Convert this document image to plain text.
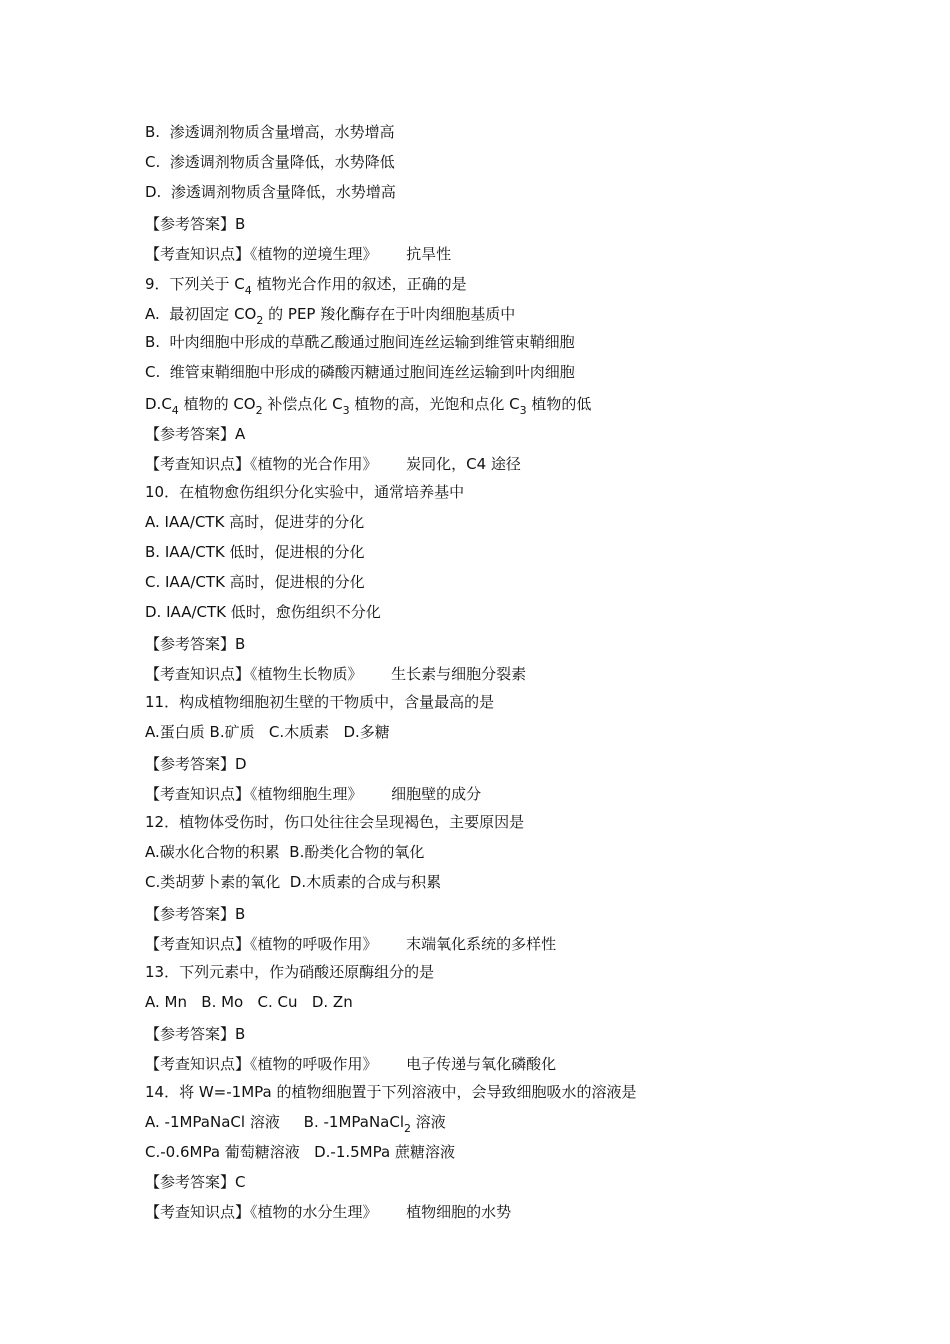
B.  渗透调剂物质含量增高，水势增高
C.  渗透调剂物质含量降低，水势降低
D.  渗透调剂物质含量降低，水势增高
【参考答案】B
【考查知识点】《植物的逆境生理》      抗旱性
9．下列关于 $C_4$ 植物光合作用的叙述，正确的是
A.  最初固定 $CO_2$ 的 PEP 羧化酶存在于叶肉细胞基质中
B.  叶肉细胞中形成的草酰乙酸通过胞间连丝运输到维管束鞘细胞
C.  维管束鞘细胞中形成的磷酸丙糖通过胞间连丝运输到叶肉细胞
$D.C_4$ 植物的 $CO_2$ 补偿点化 $C_3$ 植物的高，光饱和点化 $C_3$ 植物的低
【参考答案】A
【考查知识点】《植物的光合作用》      炭同化，C4 途径
10．在植物愈伤组织分化实验中，通常培养基中
A. IAA/CTK 高时，促进芽的分化
B. IAA/CTK 低时，促进根的分化
C. IAA/CTK 高时，促进根的分化
D. IAA/CTK 低时，愈伤组织不分化
【参考答案】B
【考查知识点】《植物生长物质》      生长素与细胞分裂素
11．构成植物细胞初生壁的干物质中，含量最高的是
A.蛋白质 B.矿质   C.木质素   D.多糖
【参考答案】D
【考查知识点】《植物细胞生理》      细胞壁的成分
12．植物体受伤时，伤口处往往会呈现褐色，主要原因是
A.碳水化合物的积累  B.酚类化合物的氧化
C.类胡萝卜素的氧化  D.木质素的合成与积累
【参考答案】B
【考查知识点】《植物的呼吸作用》      末端氧化系统的多样性
13．下列元素中，作为硝酸还原酶组分的是
A. Mn   B. Mo   C. Cu   D. Zn
【参考答案】B
【考查知识点】《植物的呼吸作用》      电子传递与氧化磷酸化
14．将 W=-1MPa 的植物细胞置于下列溶液中，会导致细胞吸水的溶液是
A. -1MPaNaCl 溶液     B. -1MPaNaCl$_2$ 溶液
C.-0.6MPa 葡萄糖溶液   D.-1.5MPa 蔗糖溶液
【参考答案】C
【考查知识点】《植物的水分生理》      植物细胞的水势
